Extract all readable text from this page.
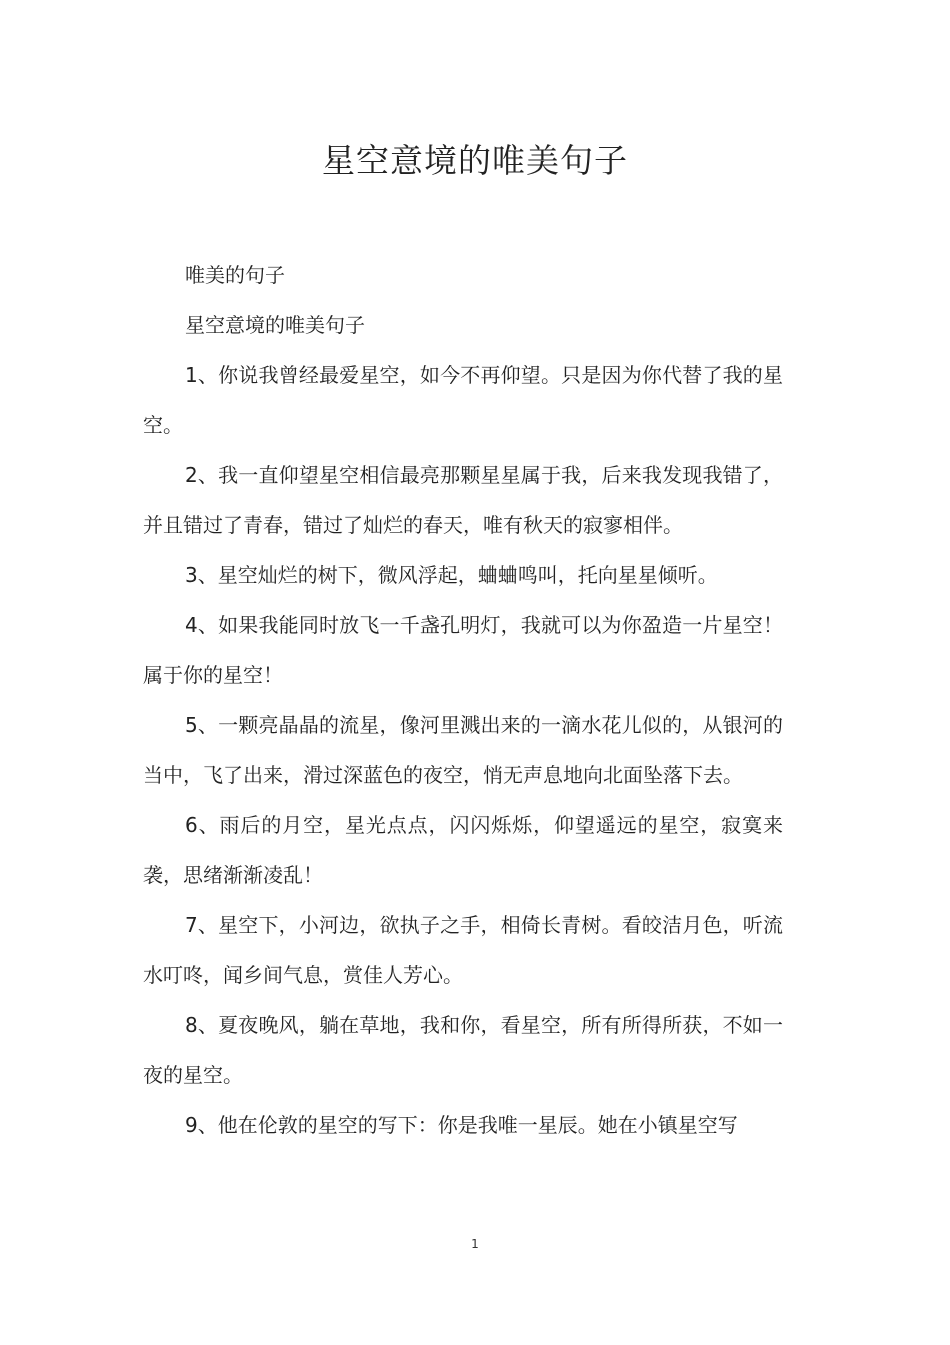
星空意境的唯美句子

唯美的句子

星空意境的唯美句子

1、你说我曾经最爱星空，如今不再仰望。只是因为你代替了我的星空。

2、我一直仰望星空相信最亮那颗星星属于我，后来我发现我错了，并且错过了青春，错过了灿烂的春天，唯有秋天的寂寥相伴。

3、星空灿烂的树下，微风浮起，蛐蛐鸣叫，托向星星倾听。

4、如果我能同时放飞一千盏孔明灯，我就可以为你盈造一片星空！属于你的星空！

5、一颗亮晶晶的流星，像河里溅出来的一滴水花儿似的，从银河的当中，飞了出来，滑过深蓝色的夜空，悄无声息地向北面坠落下去。

6、雨后的月空，星光点点，闪闪烁烁，仰望遥远的星空，寂寞来袭，思绪渐渐凌乱！

7、星空下，小河边，欲执子之手，相倚长青树。看皎洁月色，听流水叮咚，闻乡间气息，赏佳人芳心。

8、夏夜晚风，躺在草地，我和你，看星空，所有所得所获，不如一夜的星空。

9、他在伦敦的星空的写下：你是我唯一星辰。她在小镇星空写

1
